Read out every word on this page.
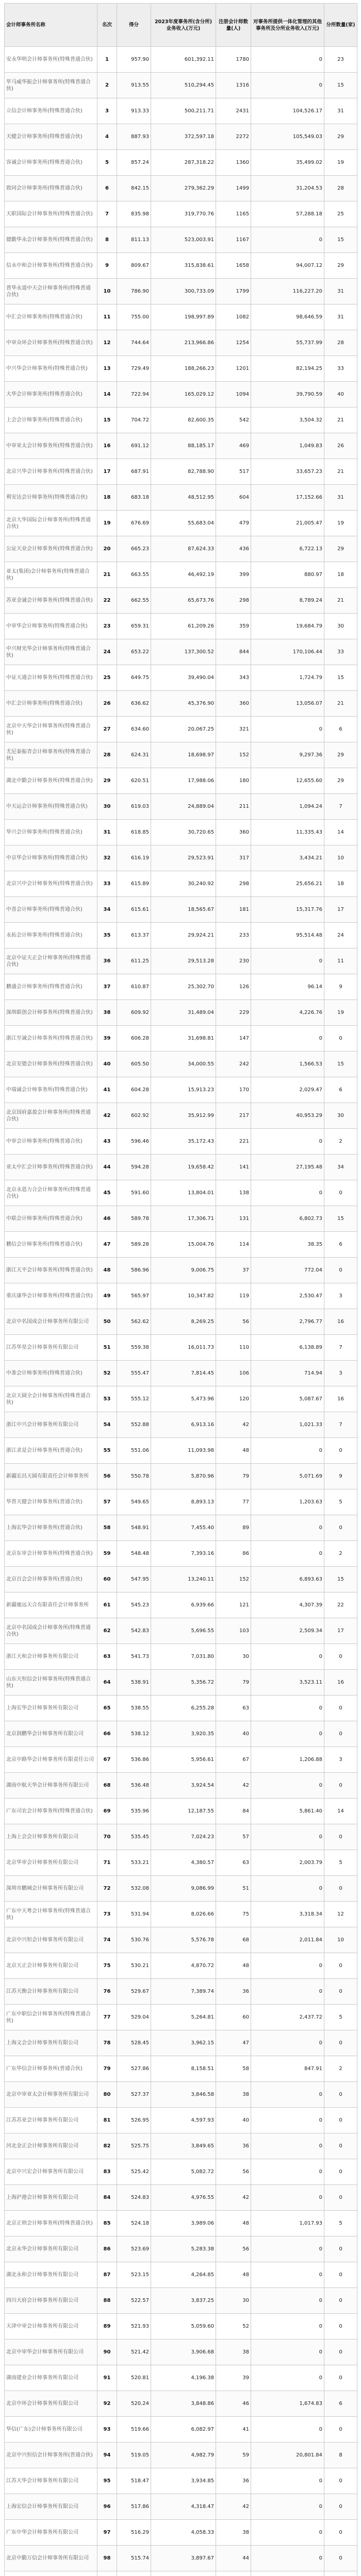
会计师事务所名称	名次	得分	2023年度事务所(含分所)业务收入(万元)	注册会计师数量(人)	对事务所提供一体化管理的其他事务所及分所业务收入(万元)	分所数量(家)
安永华明会计师事务所(特殊普通合伙)	1	957.90	601,392.11	1780	0	23
毕马威华振会计师事务所(特殊普通合伙)	2	913.55	510,294.45	1316	0	15
立信会计师事务所(特殊普通合伙)	3	913.33	500,211.71	2431	104,526.17	31
天健会计师事务所(特殊普通合伙)	4	887.93	372,597.18	2272	105,549.03	29
容诚会计师事务所(特殊普通合伙)	5	857.24	287,318.22	1360	35,499.02	19
致同会计师事务所(特殊普通合伙)	6	842.15	279,362.29	1499	31,204.53	28
天职国际会计师事务所(特殊普通合伙)	7	835.98	319,770.76	1165	57,288.18	25
德勤华永会计师事务所(特殊普通合伙)	8	811.13	523,003.91	1167	0	15
信永中和会计师事务所(特殊普通合伙)	9	809.67	315,838.61	1658	94,007.12	29
普华永道中天会计师事务所(特殊普通合伙)	10	786.90	300,733.09	1799	116,227.20	31
中汇会计师事务所(特殊普通合伙)	11	755.00	198,997.89	1082	98,646.59	31
中审众环会计师事务所(特殊普通合伙)	12	744.64	213,966.86	1254	55,737.99	28
中兴华会计师事务所(特殊普通合伙)	13	729.49	188,266.23	1201	82,194.25	33
大华会计师事务所(特殊普通合伙)	14	722.94	165,029.12	1094	39,790.59	40
上会会计师事务所(特殊普通合伙)	15	704.72	82,600.35	542	3,504.32	21
中审亚太会计师事务所(特殊普通合伙)	16	691.12	88,185.17	469	1,049.83	26
北京兴华会计师事务所(特殊普通合伙)	17	687.91	82,788.90	517	33,657.23	21
利安达会计师事务所(特殊普通合伙)	18	683.18	48,512.95	604	17,152.66	31
北京大华国际会计师事务所(特殊普通合伙)	19	676.69	55,683.04	479	21,005.47	19
公证天业会计师事务所(特殊普通合伙)	20	665.23	87,624.33	436	6,722.13	29
亚太(集团)会计师事务所(特殊普通合伙)	21	663.55	46,492.19	399	880.97	18
苏亚金诚会计师事务所(特殊普通合伙)	22	662.55	65,673.76	298	8,789.24	21
中审华会计师事务所(特殊普通合伙)	23	659.31	61,209.26	359	19,684.79	30
中兴财光华会计师事务所(特殊普通合伙)	24	653.22	137,300.52	844	170,106.44	33
中证天通会计师事务所(特殊普通合伙)	25	649.75	39,490.04	343	1,724.79	15
中汇会计师事务所(特殊普通合伙)	26	636.62	45,376.90	360	13,056.07	21
北京中天华会计师事务所(特殊普通合伙)	27	634.60	20,067.25	321	0	6
尤尼泰振青会计师事务所(特殊普通合伙)	28	624.31	18,698.97	152	9,297.36	29
湖北中勤会计师事务所(特殊普通合伙)	29	620.51	17,988.06	180	12,655.60	29
中天运会计师事务所(特殊普通合伙)	30	619.03	24,889.04	211	1,094.24	7
华兴会计师事务所(特殊普通合伙)	31	618.85	30,720.65	360	11,335.43	14
中京华会计师事务所(特殊普通合伙)	32	616.19	29,523.91	317	3,434.21	10
北京兴中会计师事务所(特殊普通合伙)	33	615.89	30,240.92	298	25,656.21	18
中喜会计师事务所(特殊普通合伙)	34	615.61	18,565.67	181	15,317.76	17
永拓会计师事务所(特殊普通合伙)	35	613.37	29,924.21	233	95,514.48	24
北京中证天正会计师事务所(特殊普通合伙)	36	611.25	29,513.28	230	0	11
鹏盛会计师事务所(特殊普通合伙)	37	610.87	25,302.70	126	96.14	9
深圳联创会计师事务所(特殊普通合伙)	38	609.92	31,489.04	229	4,226.76	19
浙江至诚会计师事务所(特殊普通合伙)	39	606.28	31,698.81	147	0	0
北京安德会计师事务所(特殊普通合伙)	40	605.50	34,000.55	242	1,566.53	15
中瑞诚会计师事务所(特殊普通合伙)	41	604.28	15,913.23	170	2,029.47	6
北京国府嘉盈会计师事务所(特殊普通合伙)	42	602.92	35,912.99	217	40,953.29	30
中审会计师事务所(特殊普通合伙)	43	596.46	35,172.43	221	0	2
亚太中汇会计师事务所(特殊普通合伙)	44	594.28	19,658.42	141	27,195.48	34
北京永恩力合会计师事务所(特殊普通合伙)	45	591.60	13,804.01	138	0	0
中联会计师事务所(特殊普通合伙)	46	589.78	17,306.71	131	6,802.73	15
鹏信会计师事务所(特殊普通合伙)	47	589.28	15,004.76	114	38.35	6
浙江天平会计师事务所(特殊普通合伙)	48	586.96	9,006.75	37	772.04	0
重庆康华会计师事务所(特殊普通合伙)	49	565.97	10,347.82	119	2,530.47	3
北京中名国成会计师事务所有限公司	50	562.62	8,269.25	56	2,796.77	16
江苏华星会计师事务所有限公司	51	559.38	16,011.73	110	6,138.89	7
中准会计师事务所(特殊普通合伙)	52	555.47	7,814.45	106	714.94	3
北京天圆全会计师事务所(特殊普通合伙)	53	555.12	5,473.96	120	5,087.67	16
浙江中兴会计师事务所有限公司	54	552.88	6,913.16	42	1,021.33	7
浙江求是会计师事务所(普通合伙)	55	551.06	11,093.98	48	0	0
新疆宏昌天圆有限责任会计师事务所	56	550.78	5,870.96	79	5,071.69	9
华普天健会计师事务所(普通合伙)	57	549.65	8,893.13	77	1,203.63	5
上海宏华会计师事务所(普通合伙)	58	548.91	7,455.40	89	0	0
北京东审会计师事务所(特殊普通合伙)	59	548.48	7,393.16	86	0	2
北京百会会计师事务所(普通合伙)	60	547.95	13,240.11	152	6,893.63	15
新疆驰远天合有限责任会计师事务所	61	545.23	6,939.66	121	4,307.39	22
北京中名国成会计师事务所(特殊普通合伙)	62	542.83	5,696.55	103	2,509.34	17
浙江天和会计师事务所有限公司	63	541.73	7,031.80	30	0	0
山东天恒信会计师事务所(特殊普通合伙)	64	538.91	5,356.72	79	3,523.11	16
上海宏华会计师事务所有限公司	65	538.55	6,255.28	63	0	0
北京润鹏华会计师事务所有限公司	66	538.12	3,920.35	40	0	0
北京中路华会计师事务所有限责任公司	67	536.86	5,956.61	67	1,206.88	3
湖南中航天华会计师事务所有限公司	68	536.48	3,924.54	42	0	0
广东司农会计师事务所(特殊普通合伙)	69	535.96	12,187.55	84	5,861.40	14
上海上会会计师事务所有限公司	70	535.45	7,024.23	57	0	0
北京华审会计师事务所有限公司	71	533.21	4,380.57	63	2,003.79	5
深圳市鹏城会计师事务所有限公司	72	532.08	9,086.99	51	0	0
广东中天粤会计师事务所(特殊普通合伙)	73	531.94	8,026.66	75	3,318.34	12
北京中兴恒会计师事务所有限公司	74	530.76	5,576.78	68	2,011.84	10
北京天正会计师事务所有限公司	75	530.21	4,870.72	48	0	0
江苏天衡会计师事务所有限公司	76	529.67	7,389.74	36	0	0
广东中职信会计师事务所(特殊普通合伙)	77	529.04	5,264.81	60	2,437.72	5
上海文会会计师事务所有限公司	78	528.45	3,962.15	47	0	0
广东华信会计师事务所(普通合伙)	79	527.86	8,158.51	58	847.91	2
北京中审亚太会计师事务所有限公司	80	527.37	3,846.58	38	0	0
江苏苏亚会计师事务所有限公司	81	526.95	4,597.93	40	0	0
河北金正会计师事务所有限公司	82	525.75	3,849.65	36	0	0
北京中兴宏会计师事务所有限公司	83	525.42	5,082.72	56	0	0
上海沪港会计师事务所有限公司	84	524.83	4,976.55	42	0	0
北京正则会计师事务所(特殊普通合伙)	85	524.18	3,989.06	48	1,017.93	5
北京永华会计师事务所有限公司	86	523.69	5,283.38	56	0	0
湖北永和会计师事务所有限公司	87	523.15	4,264.85	48	0	0
四川天府会计师事务所有限公司	88	522.57	3,837.25	30	0	0
天津中审会计师事务所有限公司	89	521.93	5,059.60	52	0	0
北京中审华会计师事务所有限公司	90	521.42	3,906.68	38	0	0
湖南建业会计师事务所有限公司	91	520.81	4,196.38	39	0	0
北京中环会计师事务所有限公司	92	520.24	3,848.86	46	1,674.83	6
华信(广东)会计师事务所有限公司	93	519.66	6,082.97	41	0	0
北京中兴恒信会计师事务所(普通合伙)	94	519.05	4,982.79	59	20,801.84	8
江苏天华会计师事务所有限公司	95	518.47	3,934.85	36	0	0
上海宏信会计师事务所有限公司	96	517.86	4,318.47	42	0	0
广东中华会计师事务所有限公司	97	516.29	4,058.33	38	0	0
北京中勤万信会计师事务所有限公司	98	515.74	3,897.67	44	0	0
